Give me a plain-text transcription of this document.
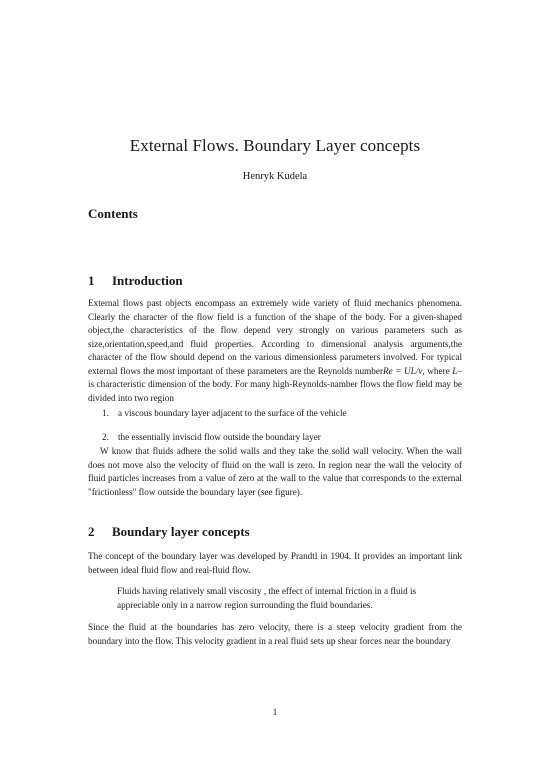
External Flows. Boundary Layer concepts
Henryk Kudela
Contents
1 Introduction

External flows past objects encompass an extremely wide variety of fluid mechanics phenomena. Clearly the character of the flow field is a function of the shape of the body. For a given-shaped object,the characteristics of the flow depend very strongly on various parameters such as size,orientation,speed,and fluid properties. According to dimensional analysis arguments,the character of the flow should depend on the various dimensionless parameters involved. For typical external flows the most important of these parameters are the Reynolds numberRe = UL/ν, where L– is characteristic dimension of the body. For many high-Reynolds-namber flows the flow field may be divided into two region

1. a viscous boundary layer adjacent to the surface of the vehicle
2. the essentially inviscid flow outside the boundary layer

W know that fluids adhere the solid walls and they take the solid wall velocity. When the wall does not move also the velocity of fluid on the wall is zero. In region near the wall the velocity of fluid particles increases from a value of zero at the wall to the value that corresponds to the external "frictionless" flow outside the boundary layer (see figure).

2 Boundary layer concepts

The concept of the boundary layer was developed by Prandtl in 1904. It provides an important link between ideal fluid flow and real-fluid flow.

Fluids having relatively small viscosity , the effect of internal friction in a fluid is appreciable only in a narrow region surrounding the fluid boundaries.

Since the fluid at the boundaries has zero velocity, there is a steep velocity gradient from the boundary into the flow. This velocity gradient in a real fluid sets up shear forces near the boundary

1
